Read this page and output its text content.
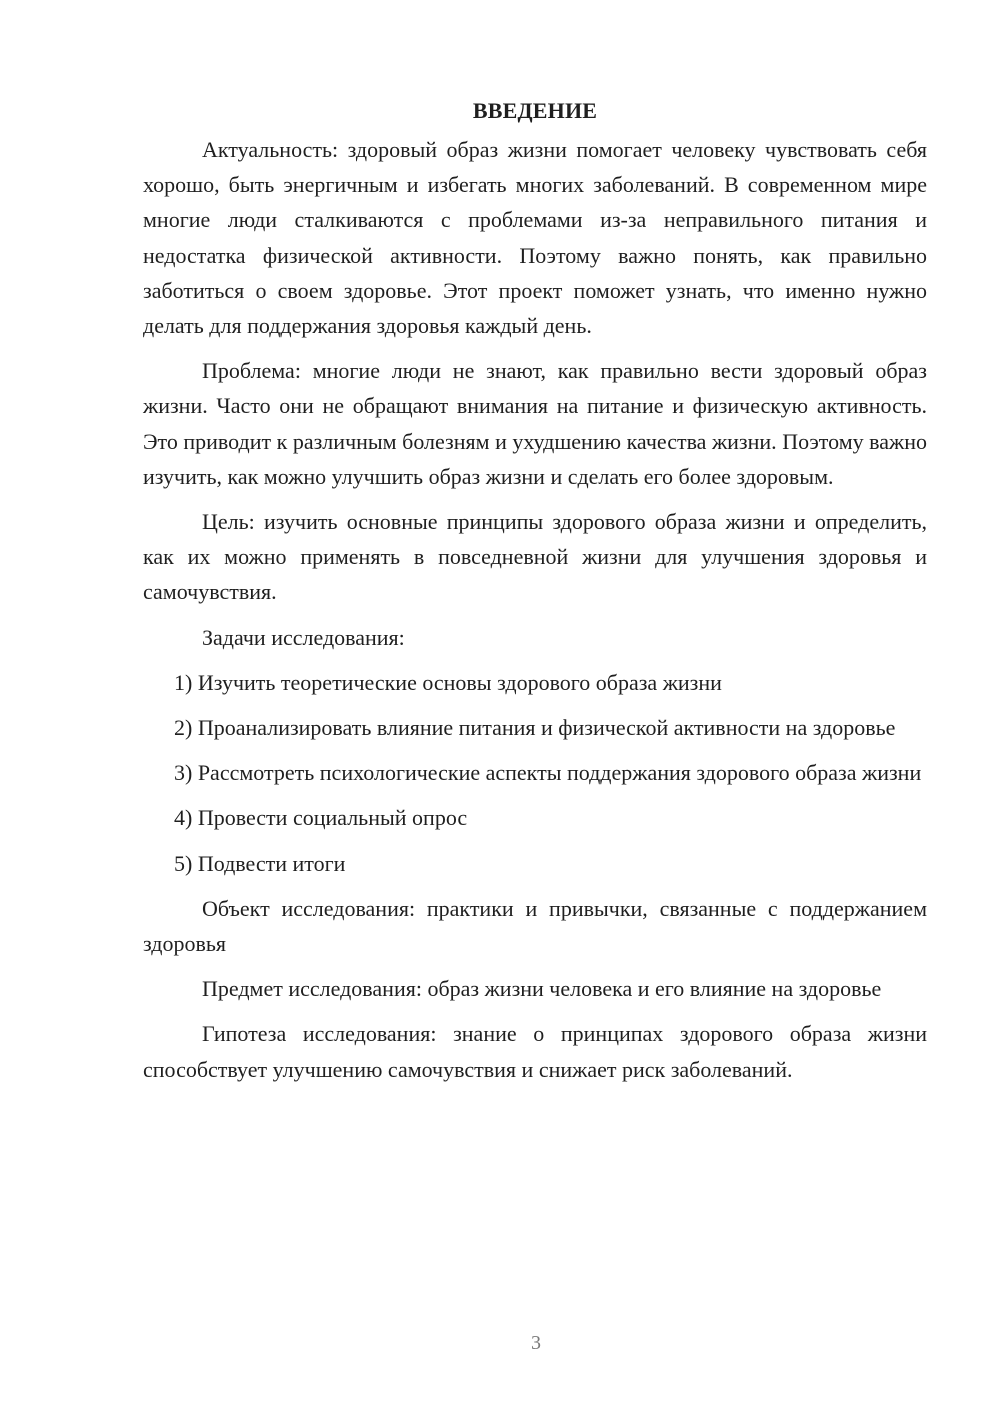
ВВЕДЕНИЕ

Актуальность: здоровый образ жизни помогает человеку чувствовать себя хорошо, быть энергичным и избегать многих заболеваний. В современном мире многие люди сталкиваются с проблемами из-за неправильного питания и недостатка физической активности. Поэтому важно понять, как правильно заботиться о своем здоровье. Этот проект поможет узнать, что именно нужно делать для поддержания здоровья каждый день.

Проблема: многие люди не знают, как правильно вести здоровый образ жизни. Часто они не обращают внимания на питание и физическую активность. Это приводит к различным болезням и ухудшению качества жизни. Поэтому важно изучить, как можно улучшить образ жизни и сделать его более здоровым.

Цель: изучить основные принципы здорового образа жизни и определить, как их можно применять в повседневной жизни для улучшения здоровья и самочувствия.

Задачи исследования:

1) Изучить теоретические основы здорового образа жизни

2) Проанализировать влияние питания и физической активности на здоровье

3) Рассмотреть психологические аспекты поддержания здорового образа жизни

4) Провести социальный опрос

5) Подвести итоги

Объект исследования: практики и привычки, связанные с поддержанием здоровья

Предмет исследования: образ жизни человека и его влияние на здоровье

Гипотеза исследования: знание о принципах здорового образа жизни способствует улучшению самочувствия и снижает риск заболеваний.

3
